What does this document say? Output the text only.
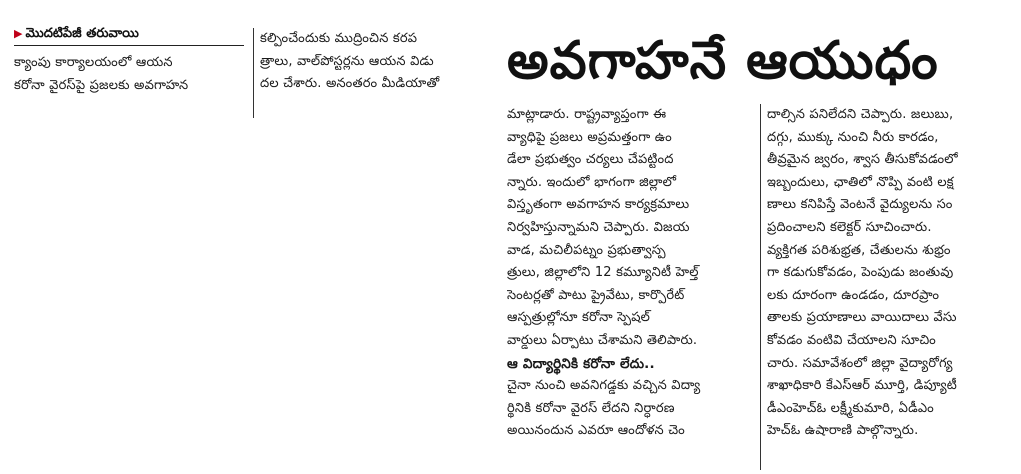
▶ మొదటిపేజీ తరువాయి
క్యాంపు కార్యాలయంలో ఆయన
కరోనా వైరస్‌పై ప్రజలకు అవగాహన
కల్పించేందుకు ముద్రించిన కరప
త్రాలు, వాల్‌పోస్టర్లను ఆయన విడు
దల చేశారు. అనంతరం మీడియాతో	అవగాహనే ఆయుధం
మాట్లాడారు. రాష్ట్రవ్యాప్తంగా ఈ
వ్యాధిపై ప్రజలు అప్రమత్తంగా ఉం
డేలా ప్రభుత్వం చర్యలు చేపట్టింద
న్నారు. ఇందులో భాగంగా జిల్లాలో
విస్తృతంగా అవగాహన కార్యక్రమాలు
నిర్వహిస్తున్నామని చెప్పారు. విజయ
వాడ, మచిలీపట్నం ప్రభుత్వాస్ప
త్రులు, జిల్లాలోని 12 కమ్యూనిటీ హెల్త్
సెంటర్లతో పాటు ప్రైవేటు, కార్పొరేట్
ఆస్పత్రుల్లోనూ కరోనా స్పెషల్
వార్డులు ఏర్పాటు చేశామని తెలిపారు.
ఆ విద్యార్థినికి కరోనా లేదు..
చైనా నుంచి అవనిగడ్డకు వచ్చిన విద్యా
ర్థినికి కరోనా వైరస్‌ లేదని నిర్ధారణ
అయినందున ఎవరూ ఆందోళన చెం
దాల్సిన పనిలేదని చెప్పారు. జలుబు,
దగ్గు, ముక్కు నుంచి నీరు కారడం,
తీవ్రమైన జ్వరం, శ్వాస తీసుకోవడంలో
ఇబ్బందులు, ఛాతిలో నొప్పి వంటి లక్ష
ణాలు కనిపిస్తే వెంటనే వైద్యులను సం
ప్రదించాలని కలెక్టర్‌ సూచించారు.
వ్యక్తిగత పరిశుభ్రత, చేతులను శుభ్రం
గా కడుగుకోవడం, పెంపుడు జంతువు
లకు దూరంగా ఉండడం, దూరప్రాం
తాలకు ప్రయాణాలు వాయిదాలు వేసు
కోవడం వంటివి చేయాలని సూచిం
చారు. సమావేశంలో జిల్లా వైద్యారోగ్య
శాఖాధికారి కేఎస్‌ఆర్‌ మూర్తి, డిప్యూటీ
డీఎంహెచ్‌ఓ లక్ష్మీకుమారి, ఏడీఎం
హెచ్‌ఓ ఉషారాణి పాల్గొన్నారు.
